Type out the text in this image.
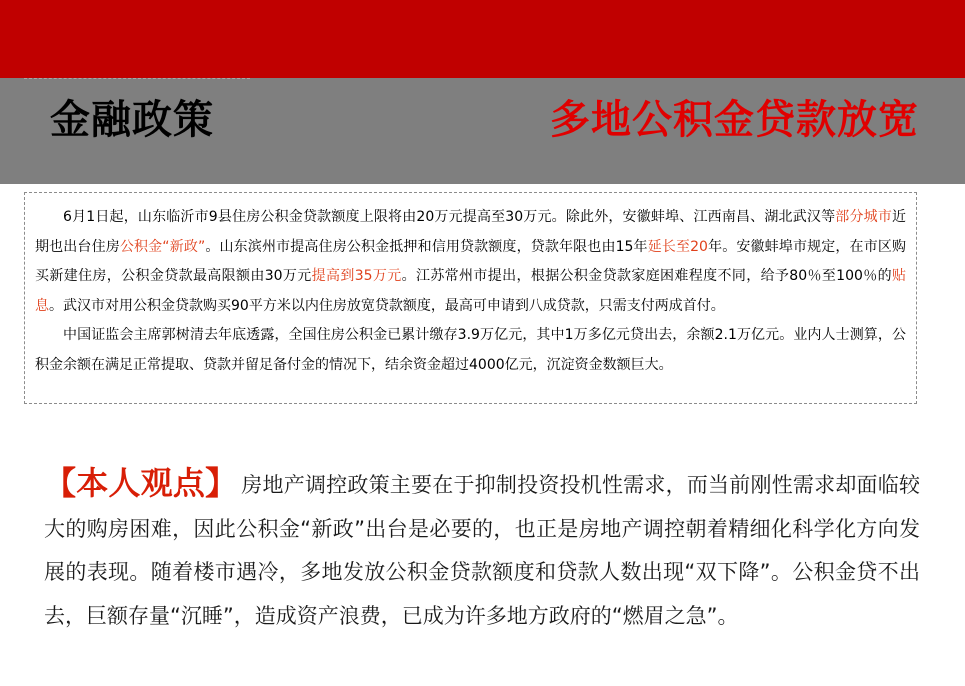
金融政策	多地公积金贷款放宽

6月1日起，山东临沂市9县住房公积金贷款额度上限将由20万元提高至30万元。除此外，安徽蚌埠、江西南昌、湖北武汉等部分城市近期也出台住房公积金“新政”。山东滨州市提高住房公积金抵押和信用贷款额度，贷款年限也由15年延长至20年。安徽蚌埠市规定，在市区购买新建住房，公积金贷款最高限额由30万元提高到35万元。江苏常州市提出，根据公积金贷款家庭困难程度不同，给予80％至100％的贴息。武汉市对用公积金贷款购买90平方米以内住房放宽贷款额度，最高可申请到八成贷款，只需支付两成首付。

中国证监会主席郭树清去年底透露，全国住房公积金已累计缴存3.9万亿元，其中1万多亿元贷出去，余额2.1万亿元。业内人士测算，公积金余额在满足正常提取、贷款并留足备付金的情况下，结余资金超过4000亿元，沉淀资金数额巨大。

【本人观点】 房地产调控政策主要在于抑制投资投机性需求，而当前刚性需求却面临较大的购房困难，因此公积金“新政”出台是必要的，也正是房地产调控朝着精细化科学化方向发展的表现。随着楼市遇冷，多地发放公积金贷款额度和贷款人数出现“双下降”。公积金贷不出去，巨额存量“沉睡”，造成资产浪费，已成为许多地方政府的“燃眉之急”。
